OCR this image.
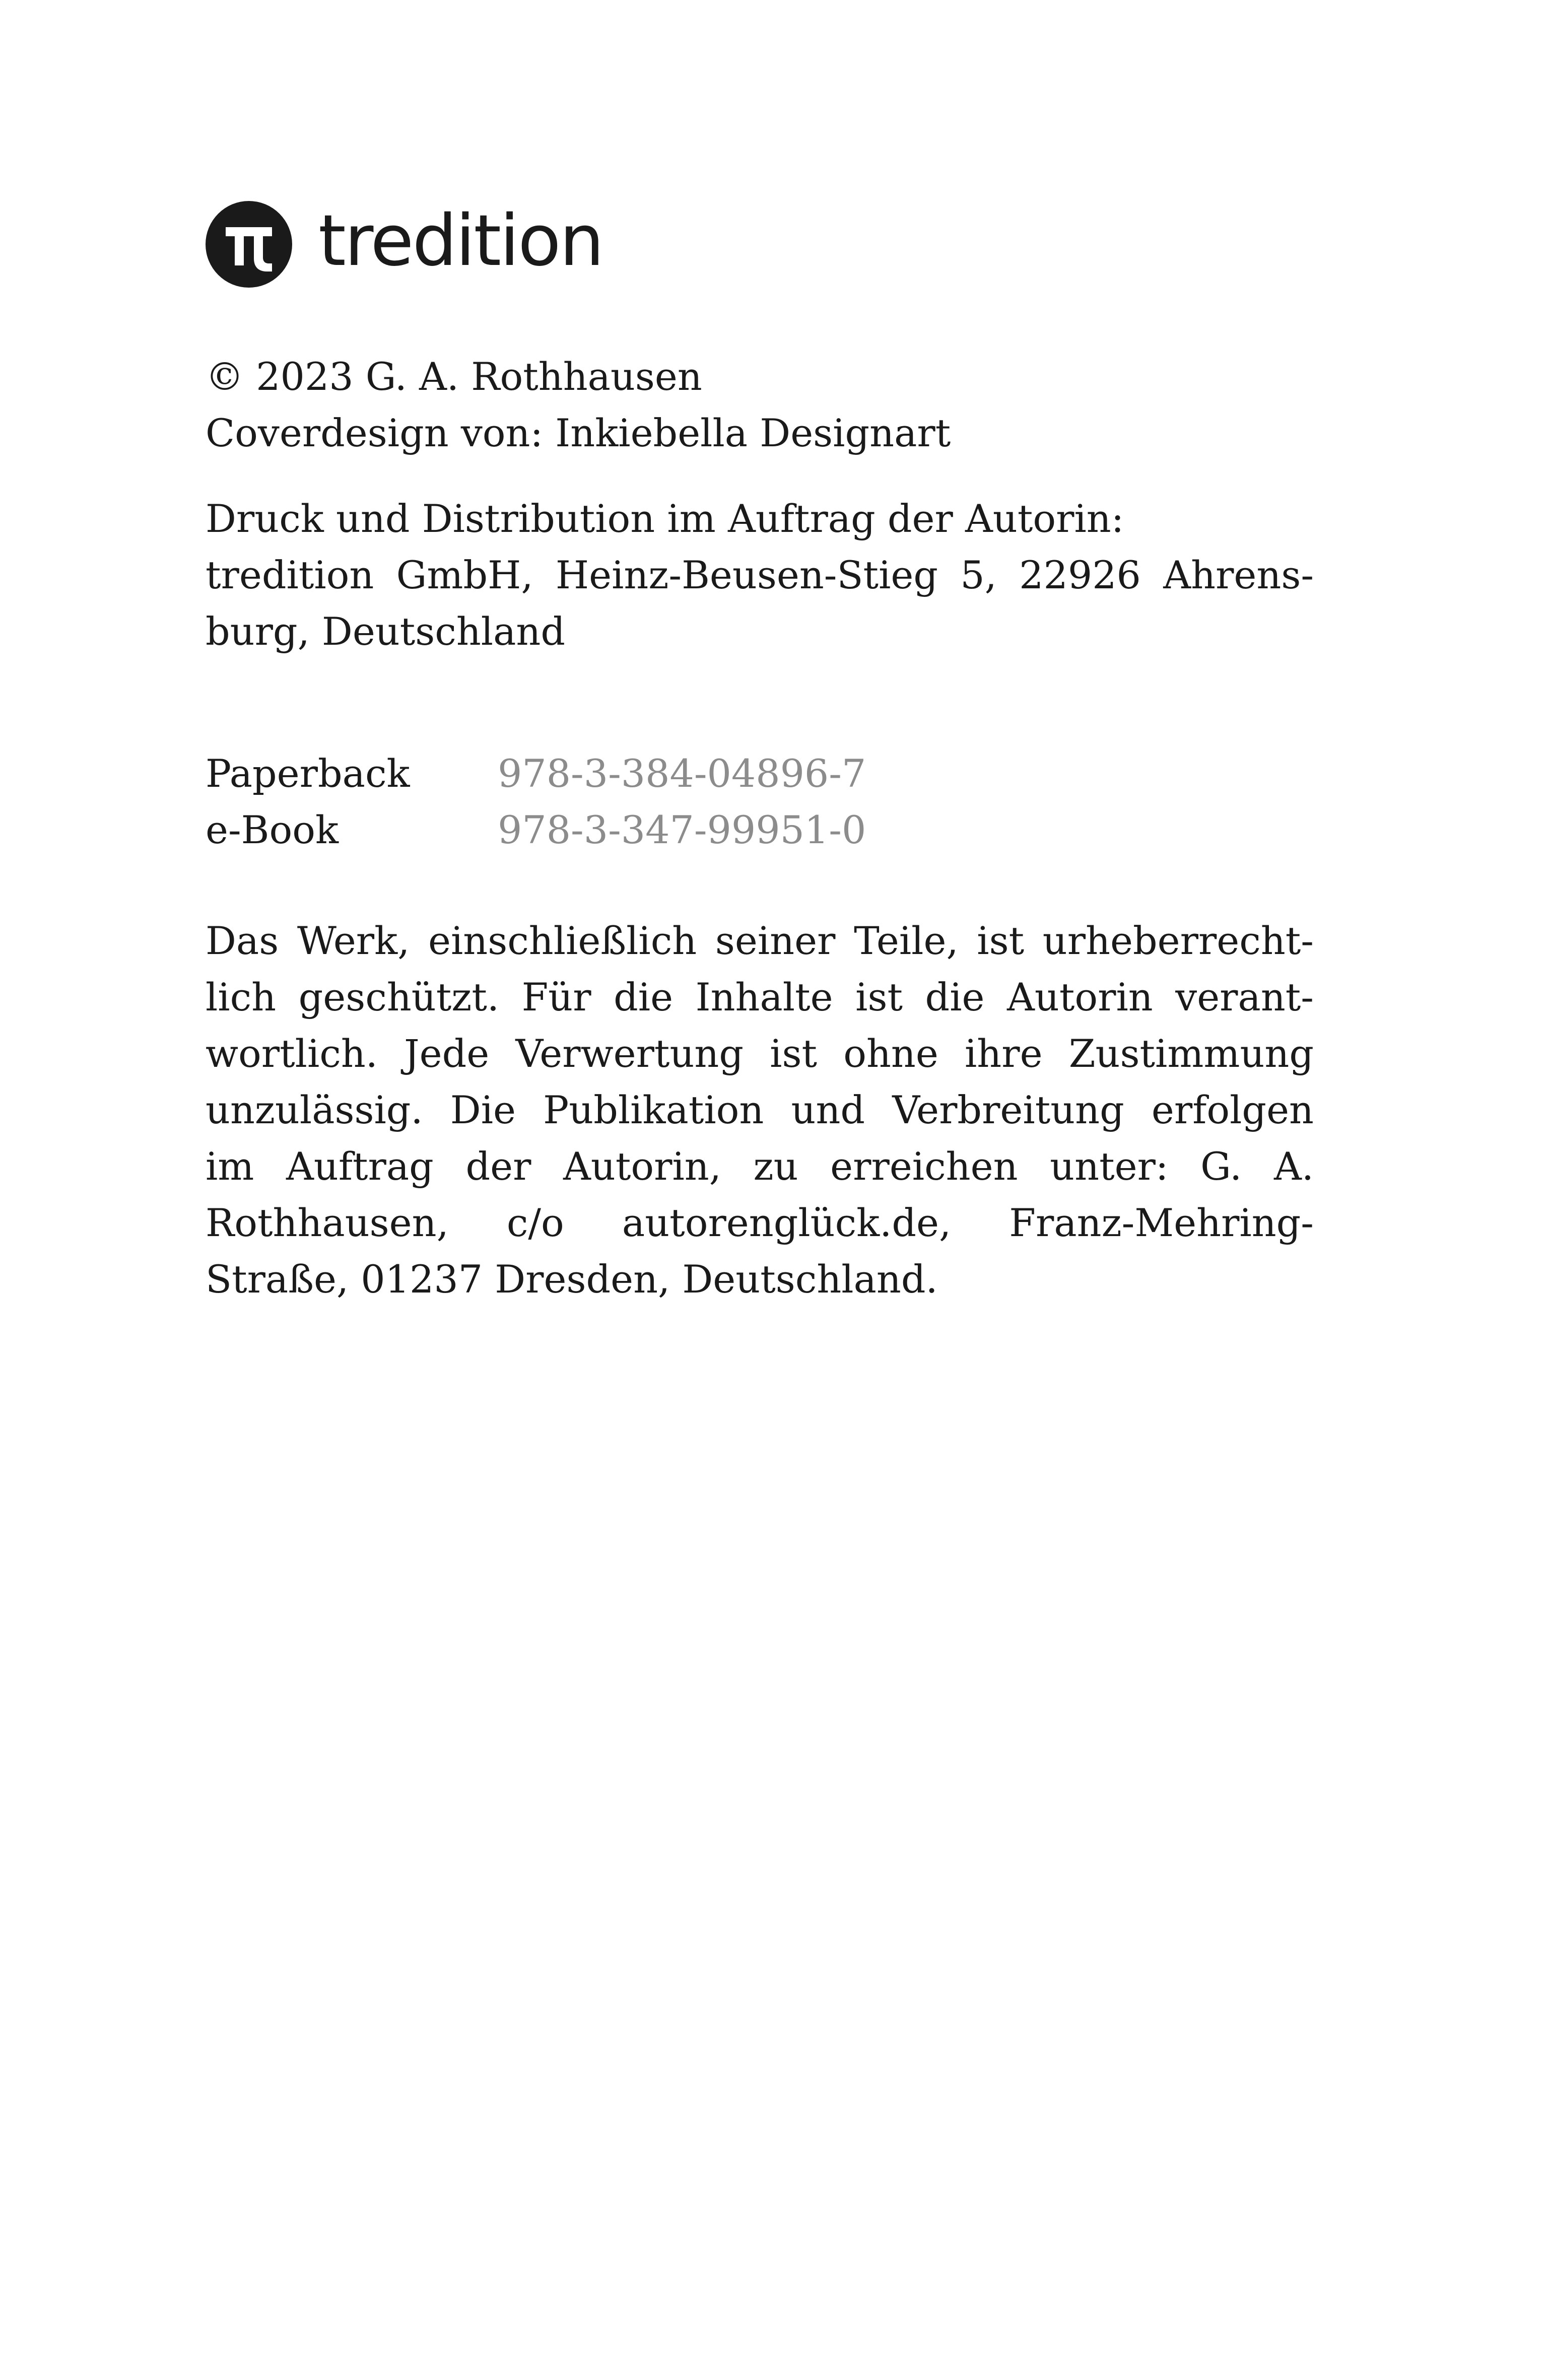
tredition

© 2023 G. A. Rothhausen

Coverdesign von: Inkiebella Designart

Druck und Distribution im Auftrag der Autorin:

tredition GmbH, Heinz-Beusen-Stieg 5, 22926 Ahrens-

burg, Deutschland

Paperback	978-3-384-04896-7
e-Book	978-3-347-99951-0
Das Werk, einschließlich seiner Teile, ist urheberrecht-
lich geschützt. Für die Inhalte ist die Autorin verant-
wortlich. Jede Verwertung ist ohne ihre Zustimmung
unzulässig. Die Publikation und Verbreitung erfolgen
im Auftrag der Autorin, zu erreichen unter: G. A.
Rothhausen, c/o autorenglück.de, Franz-Mehring-
Straße, 01237 Dresden, Deutschland.
